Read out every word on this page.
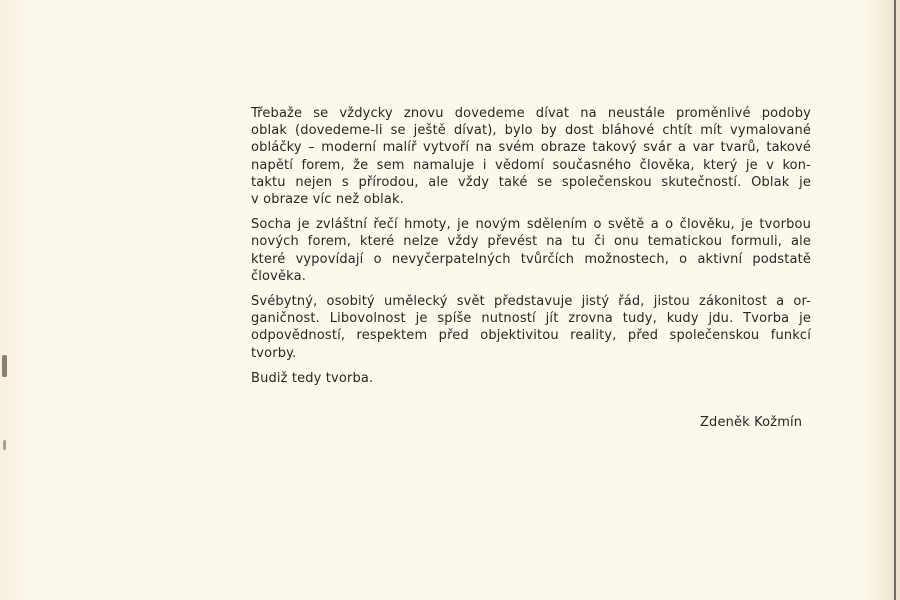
Třebaže se vždycky znovu dovedeme dívat na neustále proměnlivé podoby
oblak (dovedeme-li se ještě dívat), bylo by dost bláhové chtít mít vymalované
obláčky – moderní malíř vytvoří na svém obraze takový svár a var tvarů, takové
napětí forem, že sem namaluje i vědomí současného člověka, který je v kon-
taktu nejen s přírodou, ale vždy také se společenskou skutečností. Oblak je
v obraze víc než oblak.

Socha je zvláštní řečí hmoty, je novým sdělením o světě a o člověku, je tvorbou
nových forem, které nelze vždy převést na tu či onu tematickou formuli, ale
které vypovídají o nevyčerpatelných tvůrčích možnostech, o aktivní podstatě
člověka.

Svébytný, osobitý umělecký svět představuje jistý řád, jistou zákonitost a or-
ganičnost. Libovolnost je spíše nutností jít zrovna tudy, kudy jdu. Tvorba je
odpovědností, respektem před objektivitou reality, před společenskou funkcí
tvorby.

Budiž tedy tvorba.

Zdeněk Kožmín
